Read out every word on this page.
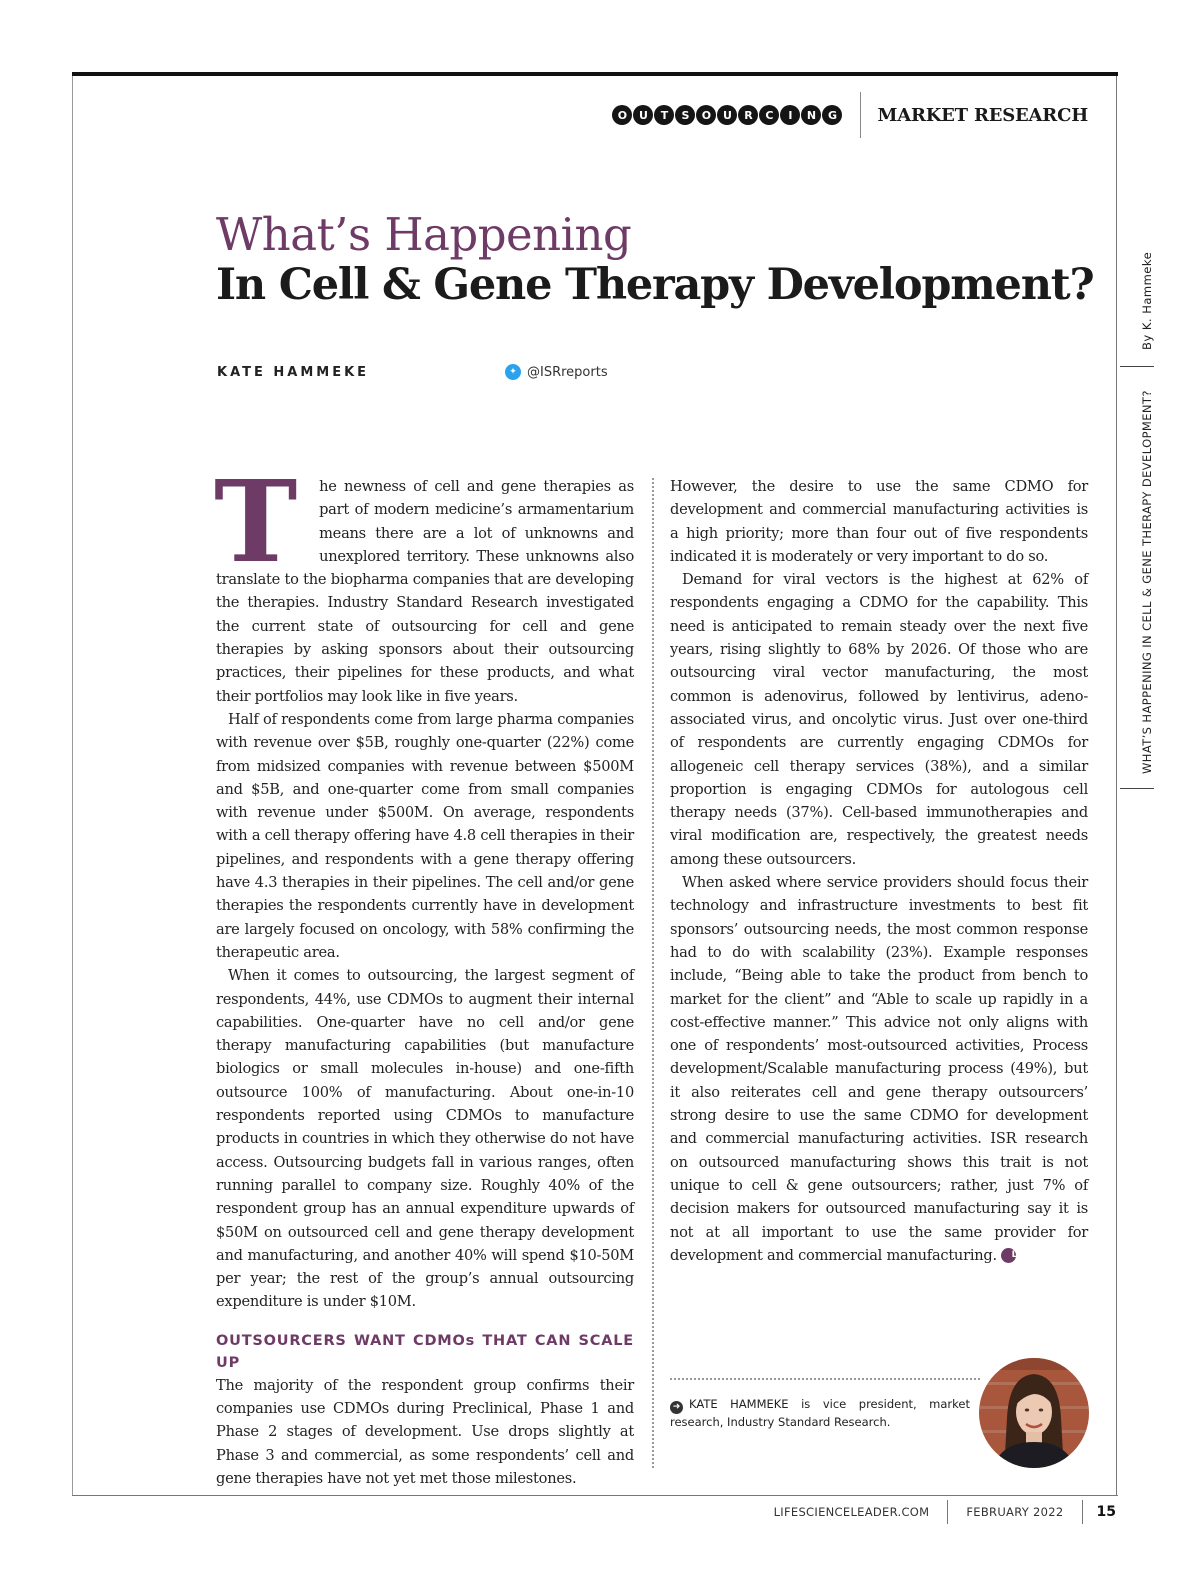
O	U	T	S	O	U	R	C	I	N	G	MARKET RESEARCH
By K. Hammeke
WHAT’S HAPPENING IN CELL & GENE THERAPY DEVELOPMENT?
What’s Happening
In Cell & Gene Therapy Development?
KATE HAMMEKE	✦ @ISRreports

T he newness of cell and gene therapies as part of modern medicine’s armamentarium means there are a lot of unknowns and unexplored territory. These unknowns also translate to the biopharma companies that are developing the therapies. Industry Standard Research investigated the current state of outsourcing for cell and gene therapies by asking sponsors about their outsourcing practices, their pipelines for these products, and what their portfolios may look like in five years.

Half of respondents come from large pharma companies with revenue over $5B, roughly one-quarter (22%) come from midsized companies with revenue between $500M and $5B, and one-quarter come from small companies with revenue under $500M. On average, respondents with a cell therapy offering have 4.8 cell therapies in their pipelines, and respondents with a gene therapy offering have 4.3 therapies in their pipelines. The cell and/or gene therapies the respondents currently have in development are largely focused on oncology, with 58% confirming the therapeutic area.

When it comes to outsourcing, the largest segment of respondents, 44%, use CDMOs to augment their internal capabilities. One-quarter have no cell and/or gene therapy manufacturing capabilities (but manufacture biologics or small molecules in-house) and one-fifth outsource 100% of manufacturing. About one-in-10 respondents reported using CDMOs to manufacture products in countries in which they otherwise do not have access. Outsourcing budgets fall in various ranges, often running parallel to company size. Roughly 40% of the respondent group has an annual expenditure upwards of $50M on outsourced cell and gene therapy development and manufacturing, and another 40% will spend $10-50M per year; the rest of the group’s annual outsourcing expenditure is under $10M.

OUTSOURCERS WANT CDMOs THAT CAN SCALE UP

The majority of the respondent group confirms their companies use CDMOs during Preclinical, Phase 1 and Phase 2 stages of development. Use drops slightly at Phase 3 and commercial, as some respondents’ cell and gene therapies have not yet met those milestones.

However, the desire to use the same CDMO for development and commercial manufacturing activities is a high priority; more than four out of five respondents indicated it is moderately or very important to do so.

Demand for viral vectors is the highest at 62% of respondents engaging a CDMO for the capability. This need is anticipated to remain steady over the next five years, rising slightly to 68% by 2026. Of those who are outsourcing viral vector manufacturing, the most common is adenovirus, followed by lentivirus, adeno-associated virus, and oncolytic virus. Just over one-third of respondents are currently engaging CDMOs for allogeneic cell therapy services (38%), and a similar proportion is engaging CDMOs for autologous cell therapy needs (37%). Cell-based immunotherapies and viral modification are, respectively, the greatest needs among these outsourcers.

When asked where service providers should focus their technology and infrastructure investments to best fit sponsors’ outsourcing needs, the most common response had to do with scalability (23%). Example responses include, “Being able to take the product from bench to market for the client” and “Able to scale up rapidly in a cost-effective manner.” This advice not only aligns with one of respondents’ most-outsourced activities, Process development/Scalable manufacturing process (49%), but it also reiterates cell and gene therapy outsourcers’ strong desire to use the same CDMO for development and commercial manufacturing activities. ISR research on outsourced manufacturing shows this trait is not unique to cell & gene outsourcers; rather, just 7% of decision makers for outsourced manufacturing say it is not at all important to use the same provider for development and commercial manufacturing. L

➜ KATE HAMMEKE is vice president, market research, Industry Standard Research.
LIFESCIENCELEADER.COM	FEBRUARY 2022	15
